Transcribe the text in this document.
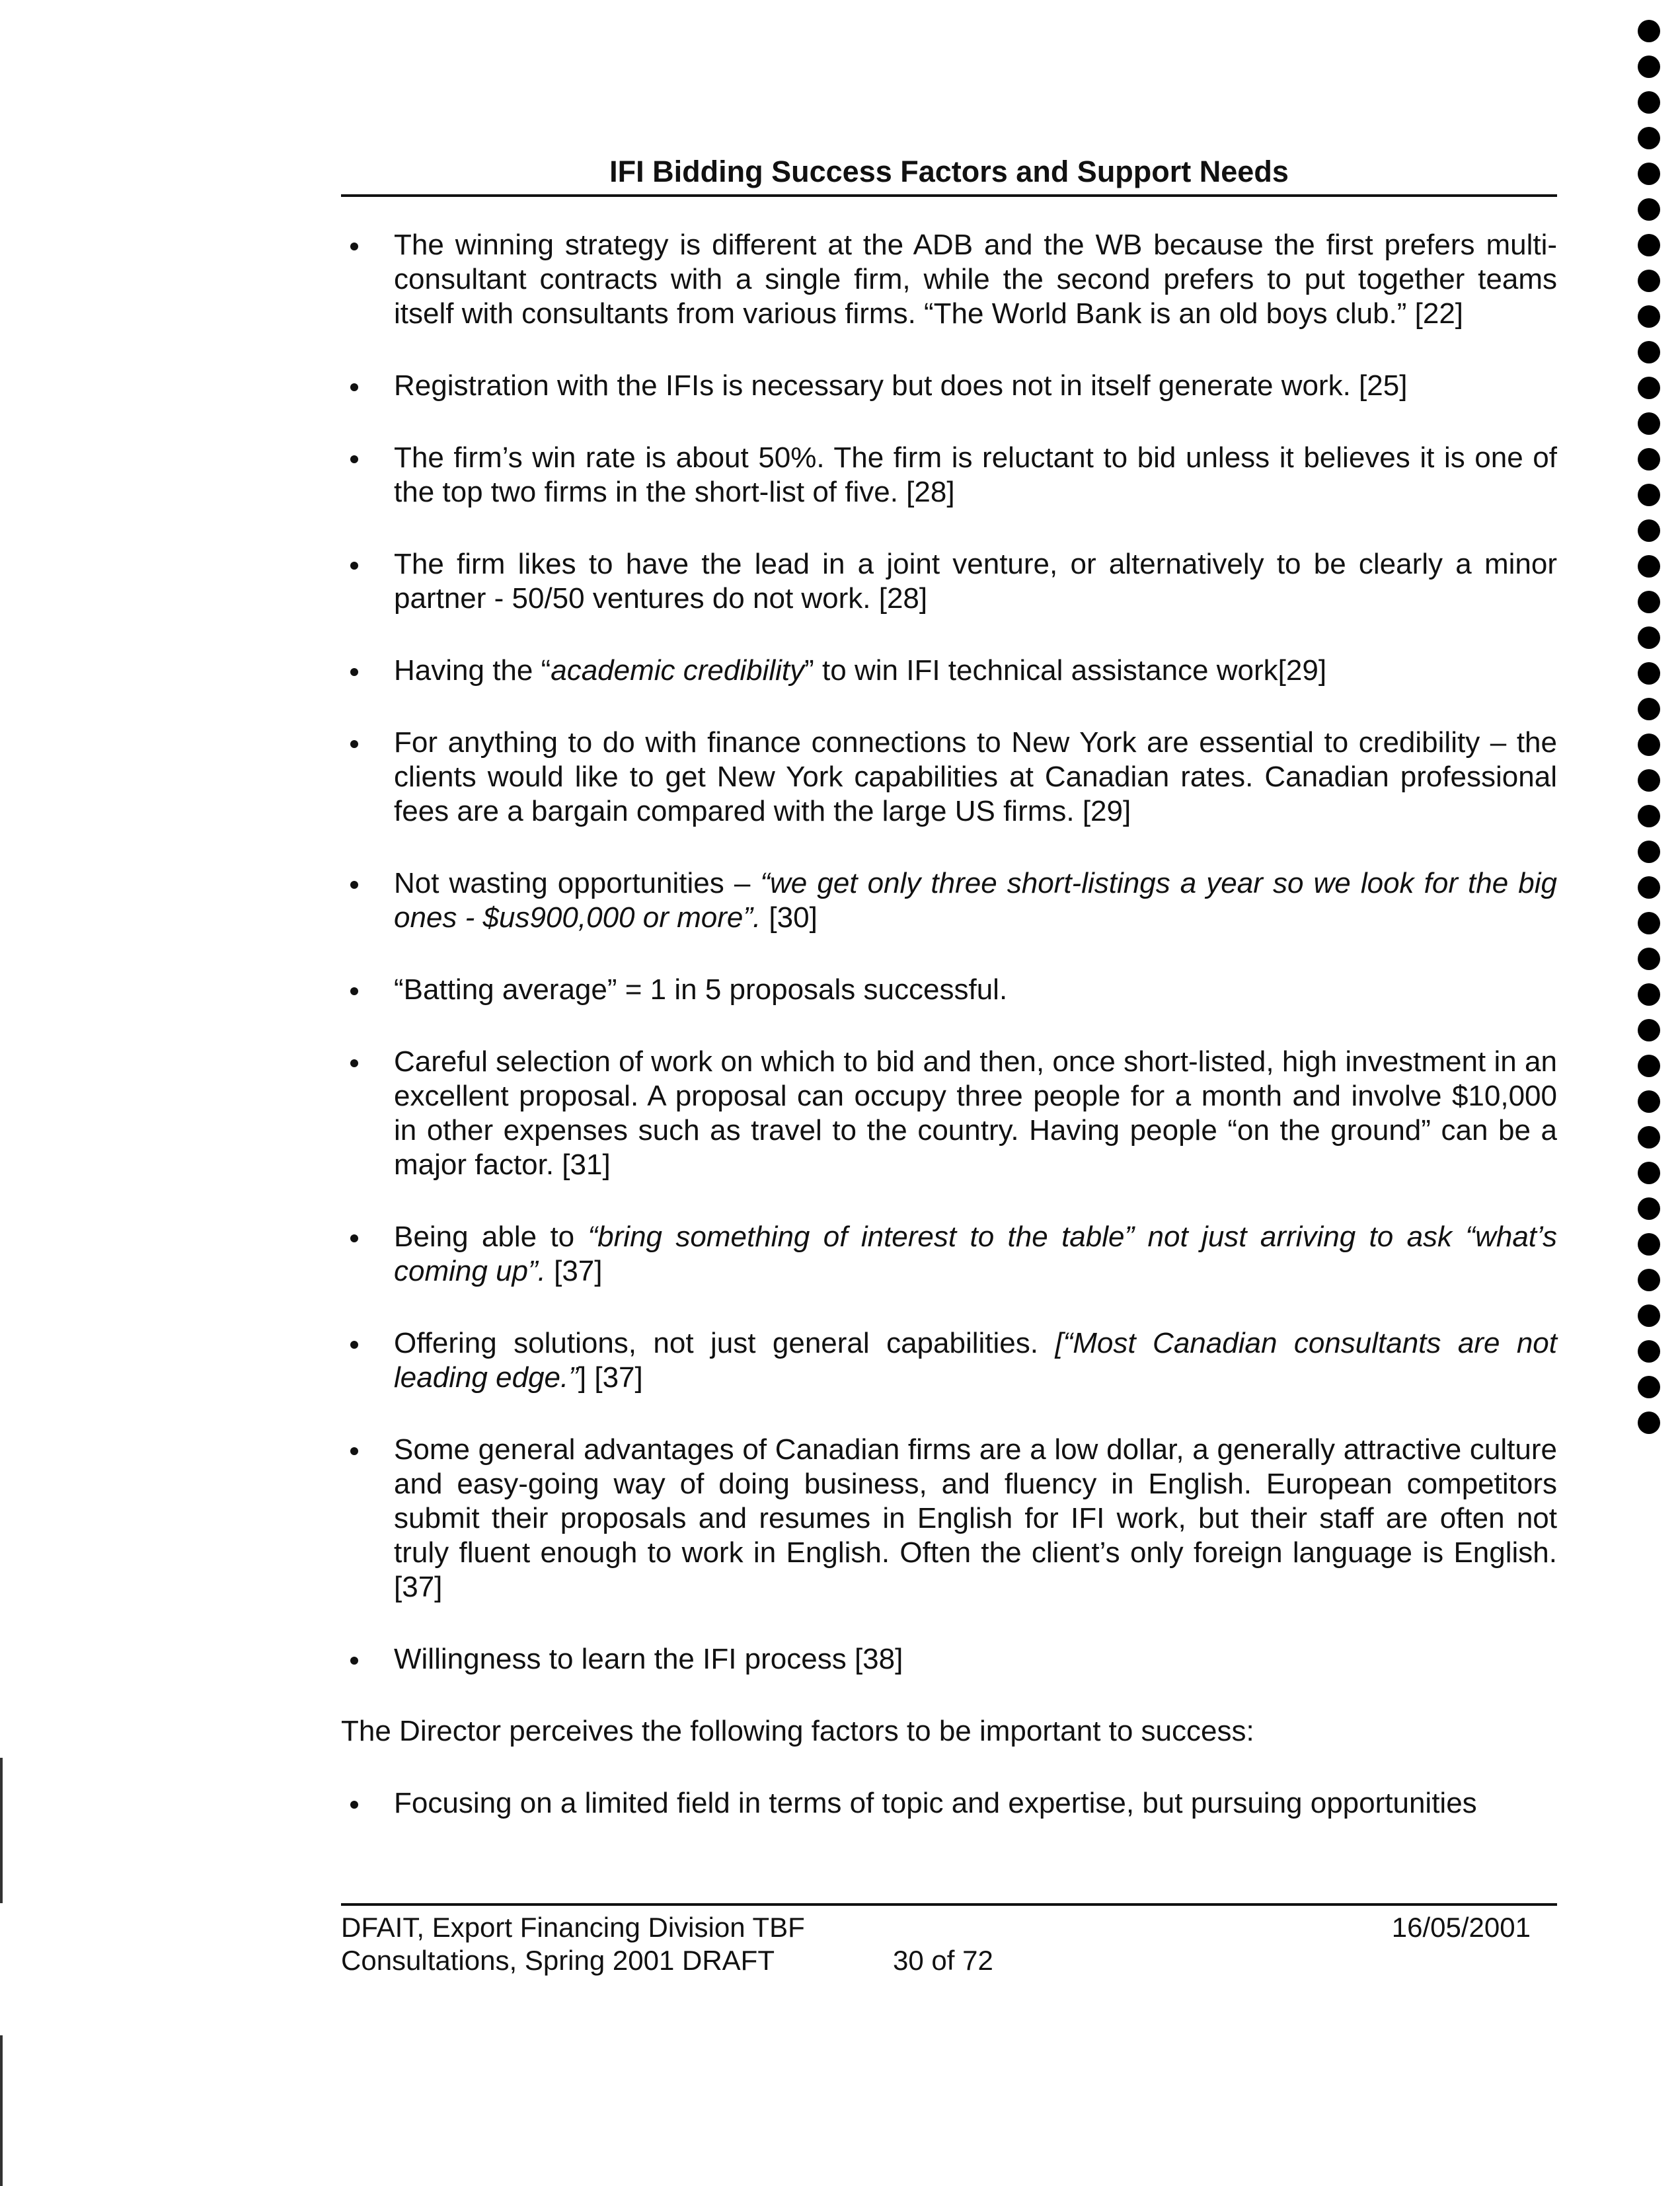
IFI Bidding Success Factors and Support Needs
The winning strategy is different at the ADB and the WB because the first prefers multi-consultant contracts with a single firm, while the second prefers to put together teams itself with consultants from various firms. “The World Bank is an old boys club.” [22]
Registration with the IFIs is necessary but does not in itself generate work. [25]
The firm’s win rate is about 50%. The firm is reluctant to bid unless it believes it is one of the top two firms in the short-list of five. [28]
The firm likes to have the lead in a joint venture, or alternatively to be clearly a minor partner - 50/50 ventures do not work. [28]
Having the “academic credibility” to win IFI technical assistance work[29]
For anything to do with finance connections to New York are essential to credibility – the clients would like to get New York capabilities at Canadian rates. Canadian professional fees are a bargain compared with the large US firms. [29]
Not wasting opportunities – “we get only three short-listings a year so we look for the big ones - $us900,000 or more”. [30]
“Batting average” = 1 in 5 proposals successful.
Careful selection of work on which to bid and then, once short-listed, high investment in an excellent proposal. A proposal can occupy three people for a month and involve $10,000 in other expenses such as travel to the country. Having people “on the ground” can be a major factor. [31]
Being able to “bring something of interest to the table” not just arriving to ask “what’s coming up”. [37]
Offering solutions, not just general capabilities. [“Most Canadian consultants are not leading edge.”] [37]
Some general advantages of Canadian firms are a low dollar, a generally attractive culture and easy-going way of doing business, and fluency in English. European competitors submit their proposals and resumes in English for IFI work, but their staff are often not truly fluent enough to work in English. Often the client’s only foreign language is English. [37]
Willingness to learn the IFI process [38]
The Director perceives the following factors to be important to success:
Focusing on a limited field in terms of topic and expertise, but pursuing opportunities
DFAIT, Export Financing Division TBF
Consultations, Spring 2001 DRAFT	30 of 72
16/05/2001
